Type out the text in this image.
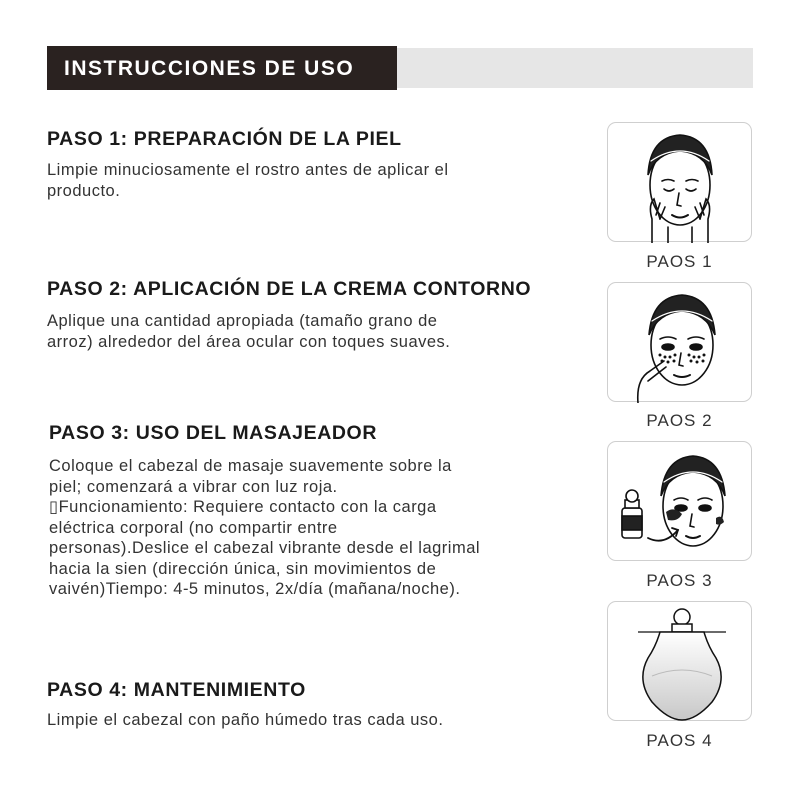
INSTRUCCIONES DE USO
PASO 1: PREPARACIÓN DE LA PIEL
Limpie minuciosamente el rostro antes de aplicar el
producto.
PASO 2: APLICACIÓN DE LA CREMA CONTORNO
Aplique una cantidad apropiada (tamaño grano de
arroz) alrededor del área ocular con toques suaves.
PASO 3: USO DEL MASAJEADOR
Coloque el cabezal de masaje suavemente sobre la
piel; comenzará a vibrar con luz roja.
▯Funcionamiento: Requiere contacto con la carga
eléctrica corporal (no compartir entre
personas).Deslice el cabezal vibrante desde el lagrimal
hacia la sien (dirección única, sin movimientos de
vaivén)Tiempo: 4-5 minutos, 2x/día (mañana/noche).
PASO 4: MANTENIMIENTO
Limpie el cabezal con paño húmedo tras cada uso.
PAOS 1
PAOS 2
PAOS 3
PAOS 4
